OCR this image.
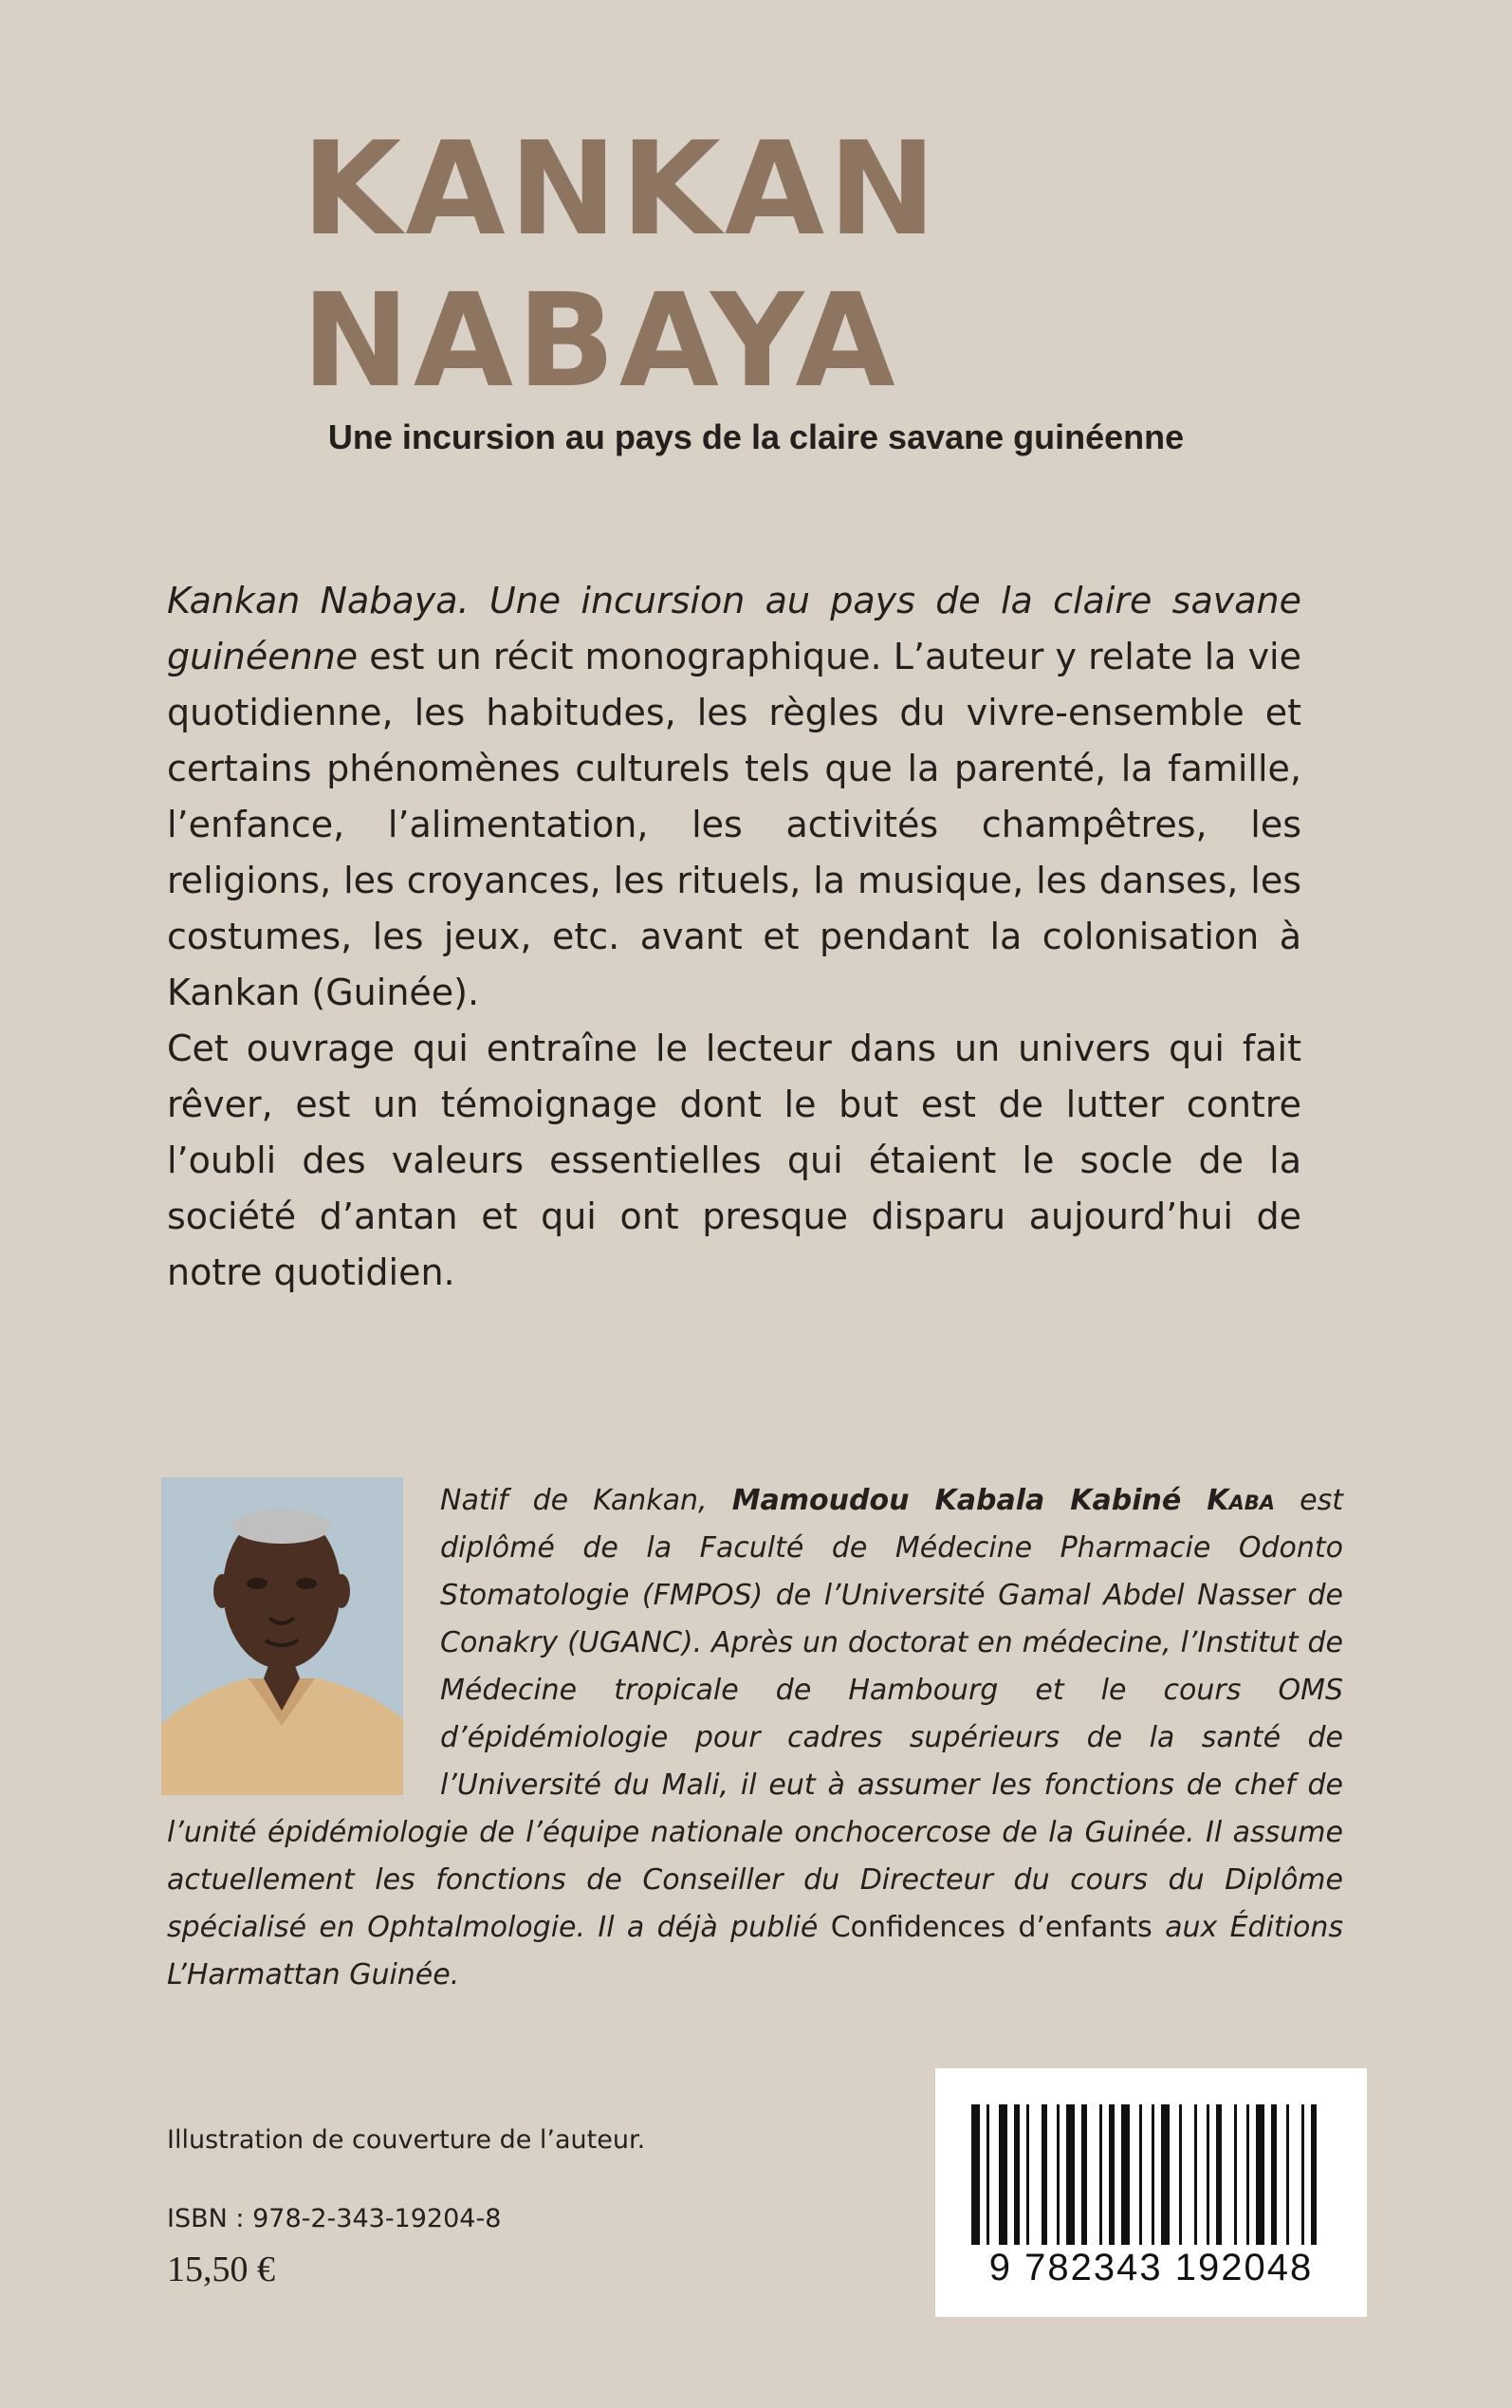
KANKAN
NABAYA
Une incursion au pays de la claire savane guinéenne

Kankan Nabaya. Une incursion au pays de la claire savane guinéenne est un récit monographique. L’auteur y relate la vie quotidienne, les habitudes, les règles du vivre-ensemble et certains phénomènes culturels tels que la parenté, la famille, l’enfance, l’alimentation, les activités champêtres, les religions, les croyances, les rituels, la musique, les danses, les costumes, les jeux, etc. avant et pendant la colonisation à Kankan (Guinée).

Cet ouvrage qui entraîne le lecteur dans un univers qui fait rêver, est un témoignage dont le but est de lutter contre l’oubli des valeurs essentielles qui étaient le socle de la société d’antan et qui ont presque disparu aujourd’hui de notre quotidien.

Natif de Kankan, Mamoudou Kabala Kabiné Kaba est diplômé de la Faculté de Médecine Pharmacie Odonto Stomatologie (FMPOS) de l’Université Gamal Abdel Nasser de Conakry (UGANC). Après un doctorat en médecine, l’Institut de Médecine tropicale de Hambourg et le cours OMS d’épidémiologie pour cadres supérieurs de la santé de l’Université du Mali, il eut à assumer les fonctions de chef de l’unité épidémiologie de l’équipe nationale onchocercose de la Guinée. Il assume actuellement les fonctions de Conseiller du Directeur du cours du Diplôme spécialisé en Ophtalmologie. Il a déjà publié Confidences d’enfants aux Éditions L’Harmattan Guinée.
Illustration de couverture de l’auteur.
ISBN : 978-2-343-19204-8
15,50 €	9 782343 192048
